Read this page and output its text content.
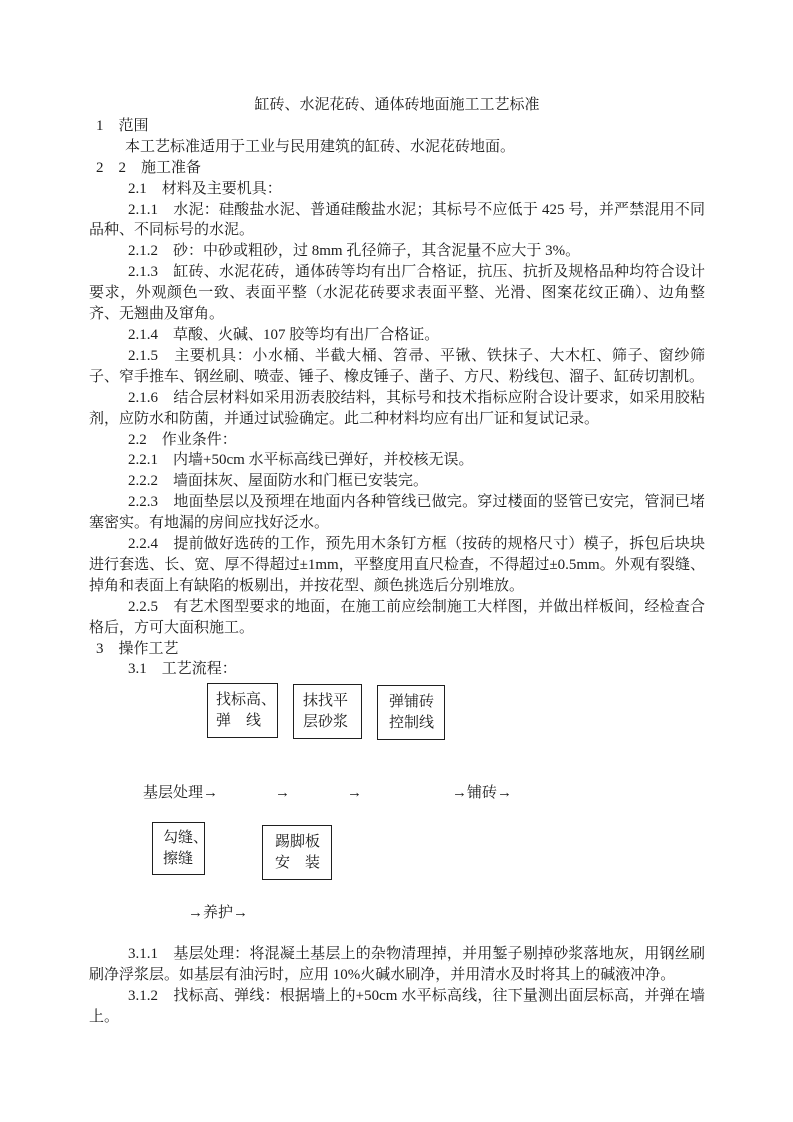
缸砖、水泥花砖、通体砖地面施工工艺标准

1　范围

本工艺标准适用于工业与民用建筑的缸砖、水泥花砖地面。

2　2　施工准备

2.1　材料及主要机具：

2.1.1　水泥：硅酸盐水泥、普通硅酸盐水泥；其标号不应低于 425 号，并严禁混用不同品种、不同标号的水泥。

2.1.2　砂：中砂或粗砂，过 8mm 孔径筛子，其含泥量不应大于 3%。

2.1.3　缸砖、水泥花砖，通体砖等均有出厂合格证，抗压、抗折及规格品种均符合设计要求，外观颜色一致、表面平整（水泥花砖要求表面平整、光滑、图案花纹正确）、边角整齐、无翘曲及窜角。

2.1.4　草酸、火碱、107 胶等均有出厂合格证。

2.1.5　主要机具：小水桶、半截大桶、笤帚、平锹、铁抹子、大木杠、筛子、窗纱筛子、窄手推车、钢丝刷、喷壶、锤子、橡皮锤子、凿子、方尺、粉线包、溜子、缸砖切割机。

2.1.6　结合层材料如采用沥表胶结料，其标号和技术指标应附合设计要求，如采用胶粘剂，应防水和防菌，并通过试验确定。此二种材料均应有出厂证和复试记录。

2.2　作业条件：

2.2.1　内墙+50cm 水平标高线已弹好，并校核无误。

2.2.2　墙面抹灰、屋面防水和门框已安装完。

2.2.3　地面垫层以及预埋在地面内各种管线已做完。穿过楼面的竖管已安完，管洞已堵塞密实。有地漏的房间应找好泛水。

2.2.4　提前做好选砖的工作，预先用木条钉方框（按砖的规格尺寸）模子，拆包后块块进行套选、长、宽、厚不得超过±1mm，平整度用直尺检查，不得超过±0.5mm。外观有裂缝、掉角和表面上有缺陷的板剔出，并按花型、颜色挑选后分别堆放。

2.2.5　有艺术图型要求的地面，在施工前应绘制施工大样图，并做出样板间，经检查合格后，方可大面积施工。

3　操作工艺

3.1　工艺流程：

3.1.1　基层处理：将混凝土基层上的杂物清理掉，并用錾子剔掉砂浆落地灰，用钢丝刷刷净浮浆层。如基层有油污时，应用 10%火碱水刷净，并用清水及时将其上的碱液冲净。

3.1.2　找标高、弹线：根据墙上的+50cm 水平标高线，往下量测出面层标高，并弹在墙上。

找标高、
弹　线
抹找平
层砂浆
弹铺砖
控制线
基层处理→	→	→	→铺砖→
勾缝、
擦缝
踢脚板
安　装
→养护→
